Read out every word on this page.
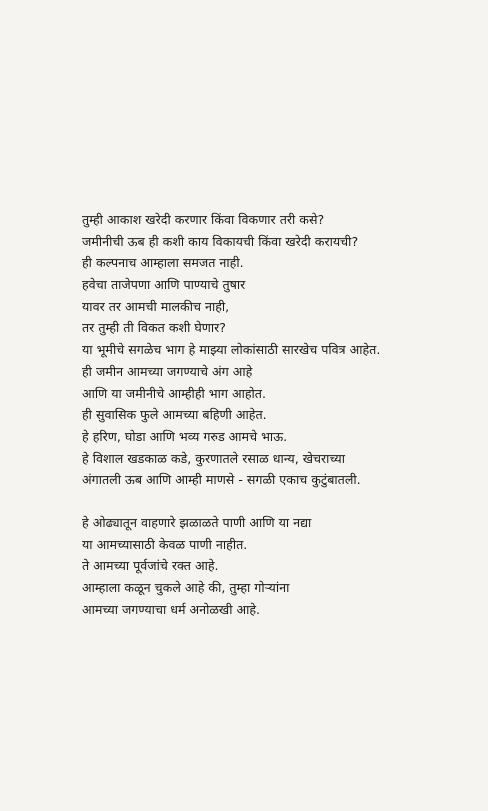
तुम्ही आकाश खरेदी करणार किंवा विकणार तरी कसे?
जमीनीची ऊब ही कशी काय विकायची किंवा खरेदी करायची?
ही कल्पनाच आम्हाला समजत नाही.
हवेचा ताजेपणा आणि पाण्याचे तुषार
यावर तर आमची मालकीच नाही,
तर तुम्ही ती विकत कशी घेणार?
या भूमीचे सगळेच भाग हे माझ्या लोकांसाठी सारखेच पवित्र आहेत.
ही जमीन आमच्या जगण्याचे अंग आहे
आणि या जमीनीचे आम्हीही भाग आहोत.
ही सुवासिक फुले आमच्या बहिणी आहेत.
हे हरिण, घोडा आणि भव्य गरुड आमचे भाऊ.
हे विशाल खडकाळ कडे, कुरणातले रसाळ धान्य, खेचराच्या
अंगातली ऊब आणि आम्ही माणसे - सगळी एकाच कुटुंबातली.
हे ओढ्यातून वाहणारे झळाळते पाणी आणि या नद्या
या आमच्यासाठी केवळ पाणी नाहीत.
ते आमच्या पूर्वजांचे रक्त आहे.
आम्हाला कळून चुकले आहे की, तुम्हा गोऱ्यांना
आमच्या जगण्याचा धर्म अनोळखी आहे.
